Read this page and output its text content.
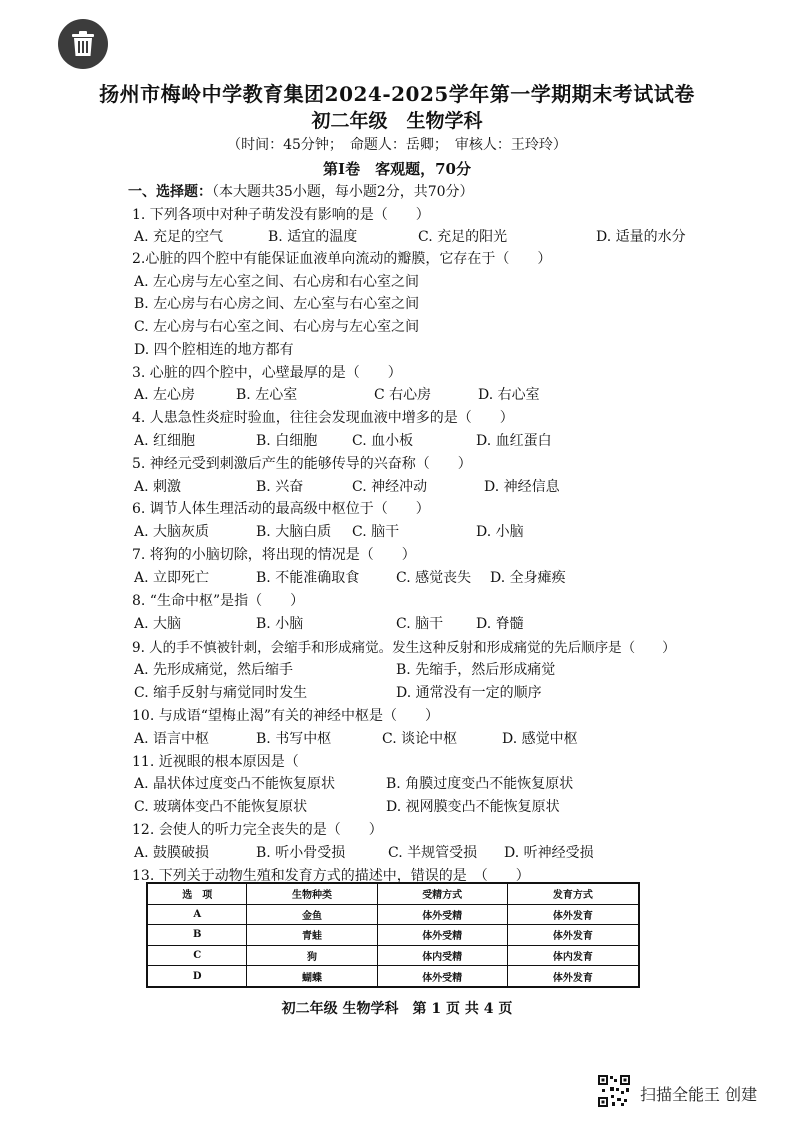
扬州市梅岭中学教育集团2024-2025学年第一学期期末考试试卷
初二年级　生物学科
（时间：45分钟；　命题人：岳卿；　审核人：王玲玲）
第Ⅰ卷　客观题，70分
一、选择题：（本大题共35小题，每小题2分，共70分）
1. 下列各项中对种子萌发没有影响的是（　　）
A. 充足的空气	B. 适宜的温度	C. 充足的阳光	D. 适量的水分
2.心脏的四个腔中有能保证血液单向流动的瓣膜，它存在于（　　）
A. 左心房与左心室之间、右心房和右心室之间
B. 左心房与右心房之间、左心室与右心室之间
C. 左心房与右心室之间、右心房与左心室之间
D. 四个腔相连的地方都有
3. 心脏的四个腔中，心壁最厚的是（　　）
A. 左心房	B. 左心室	C 右心房	D. 右心室
4. 人患急性炎症时验血，往往会发现血液中增多的是（　　）
A. 红细胞	B. 白细胞 C. 血小板	D. 血红蛋白
5. 神经元受到刺激后产生的能够传导的兴奋称（　　）
A. 刺激	B. 兴奋	C. 神经冲动	D. 神经信息
6. 调节人体生理活动的最高级中枢位于（　　）
A. 大脑灰质	B. 大脑白质 C. 脑干	D. 小脑
7. 将狗的小脑切除，将出现的情况是（　　）
A. 立即死亡	B. 不能准确取食	C. 感觉丧失 D. 全身瘫痪
8. “生命中枢”是指（　　）
A. 大脑	B. 小脑	C. 脑干 D. 脊髓
9. 人的手不慎被针刺，会缩手和形成痛觉。发生这种反射和形成痛觉的先后顺序是（　　）
A. 先形成痛觉，然后缩手	B. 先缩手，然后形成痛觉
C. 缩手反射与痛觉同时发生	D. 通常没有一定的顺序
10. 与成语“望梅止渴”有关的神经中枢是（　　）
A. 语言中枢	B. 书写中枢	C. 谈论中枢	D. 感觉中枢
11. 近视眼的根本原因是（
A. 晶状体过度变凸不能恢复原状	B. 角膜过度变凸不能恢复原状
C. 玻璃体变凸不能恢复原状	D. 视网膜变凸不能恢复原状
12. 会使人的听力完全丧失的是（　　）
A. 鼓膜破损	B. 听小骨受损	C. 半规管受损 D. 听神经受损
13. 下列关于动物生殖和发育方式的描述中，错误的是　（　　）
选　项	生物种类	受精方式	发育方式
A	金鱼	体外受精	体外发育
B	青蛙	体外受精	体外发育
C	狗	体内受精	体内发育
D	蝴蝶	体外受精	体外发育
初二年级 生物学科　第 1 页 共 4 页
扫描全能王 创建
